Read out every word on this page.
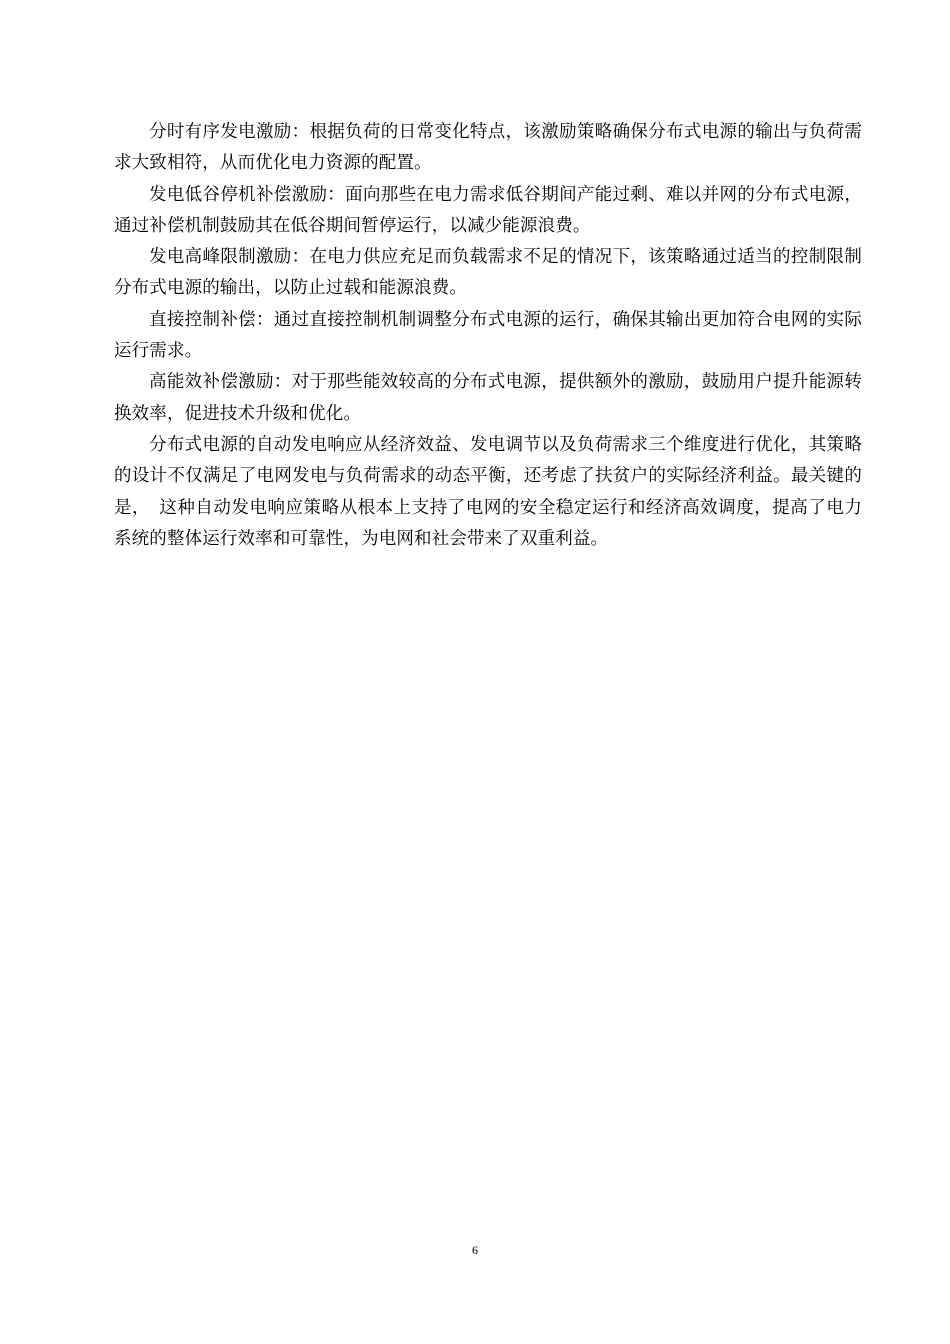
分时有序发电激励：根据负荷的日常变化特点，该激励策略确保分布式电源的输出与负荷需求大致相符，从而优化电力资源的配置。

发电低谷停机补偿激励：面向那些在电力需求低谷期间产能过剩、难以并网的分布式电源，通过补偿机制鼓励其在低谷期间暂停运行，以减少能源浪费。

发电高峰限制激励：在电力供应充足而负载需求不足的情况下，该策略通过适当的控制限制分布式电源的输出，以防止过载和能源浪费。

直接控制补偿：通过直接控制机制调整分布式电源的运行，确保其输出更加符合电网的实际运行需求。

高能效补偿激励：对于那些能效较高的分布式电源，提供额外的激励，鼓励用户提升能源转换效率，促进技术升级和优化。

分布式电源的自动发电响应从经济效益、发电调节以及负荷需求三个维度进行优化，其策略的设计不仅满足了电网发电与负荷需求的动态平衡，还考虑了扶贫户的实际经济利益。最关键的是，　这种自动发电响应策略从根本上支持了电网的安全稳定运行和经济高效调度，提高了电力系统的整体运行效率和可靠性，为电网和社会带来了双重利益。

6
